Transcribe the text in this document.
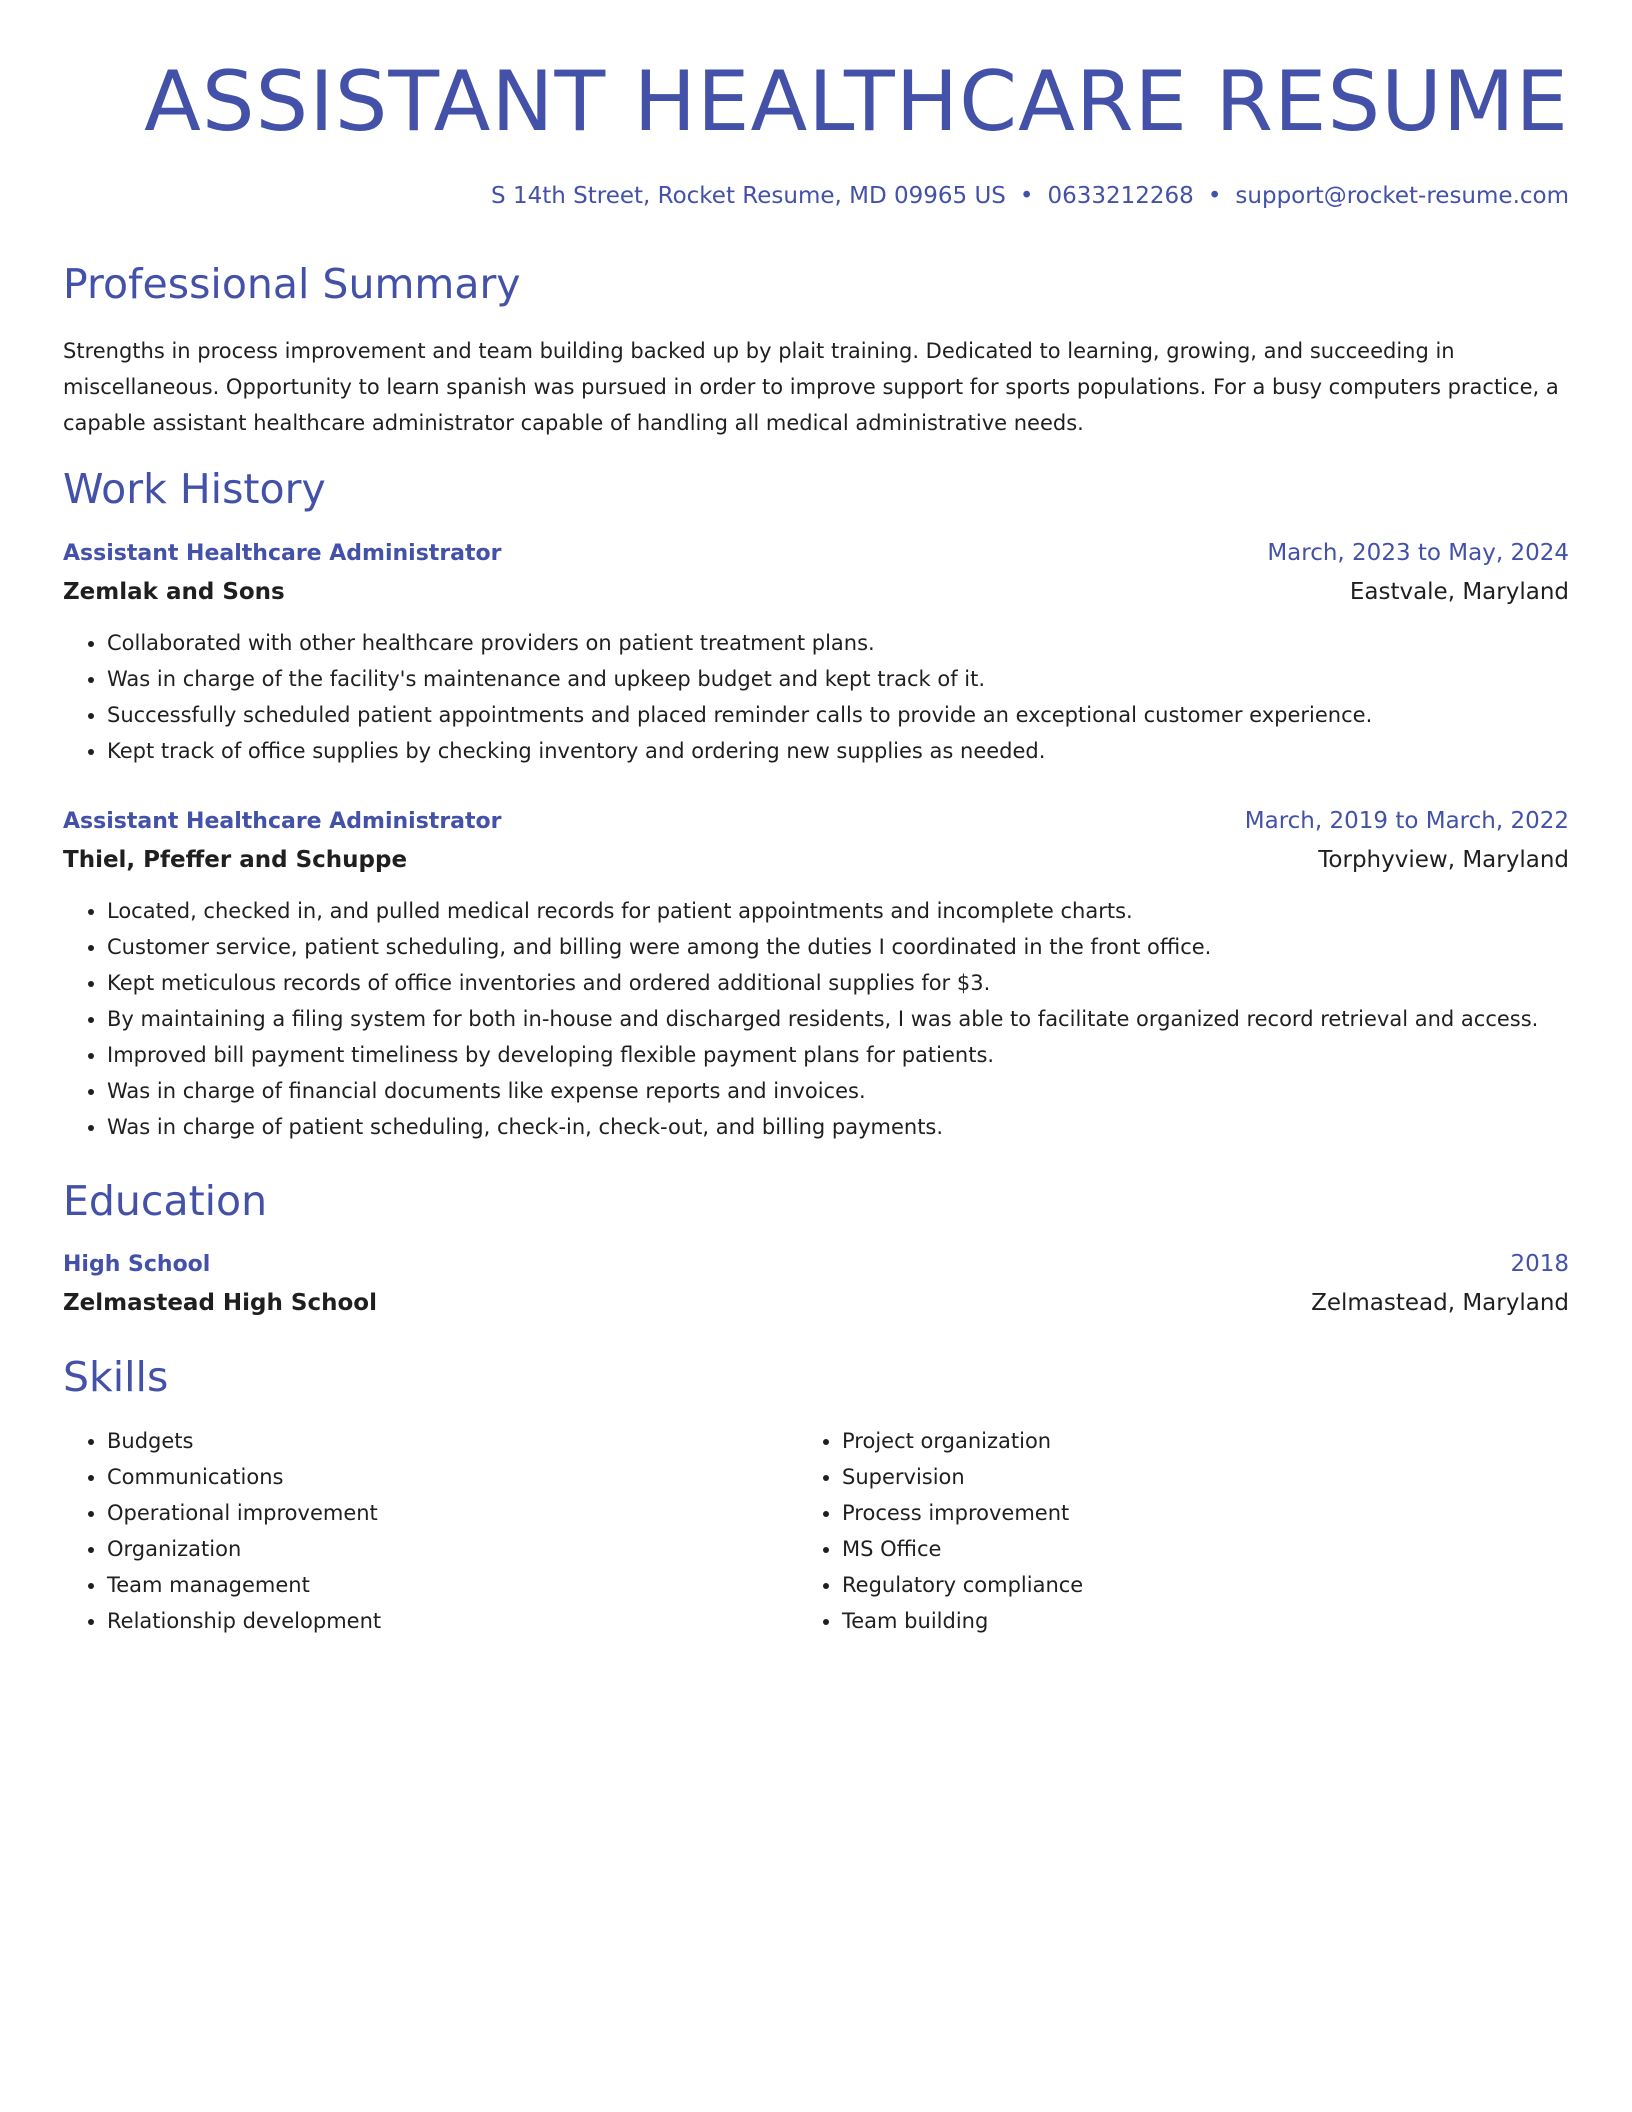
ASSISTANT HEALTHCARE RESUME
S 14th Street, Rocket Resume, MD 09965 US • 0633212268 • support@rocket-resume.com
Professional Summary

Strengths in process improvement and team building backed up by plait training. Dedicated to learning, growing, and succeeding in miscellaneous. Opportunity to learn spanish was pursued in order to improve support for sports populations. For a busy computers practice, a capable assistant healthcare administrator capable of handling all medical administrative needs.

Work History
Assistant Healthcare Administrator	March, 2023 to May, 2024
Zemlak and Sons	Eastvale, Maryland
• Collaborated with other healthcare providers on patient treatment plans.
• Was in charge of the facility's maintenance and upkeep budget and kept track of it.
• Successfully scheduled patient appointments and placed reminder calls to provide an exceptional customer experience.
• Kept track of office supplies by checking inventory and ordering new supplies as needed.
Assistant Healthcare Administrator	March, 2019 to March, 2022
Thiel, Pfeffer and Schuppe	Torphyview, Maryland
• Located, checked in, and pulled medical records for patient appointments and incomplete charts.
• Customer service, patient scheduling, and billing were among the duties I coordinated in the front office.
• Kept meticulous records of office inventories and ordered additional supplies for $3.
• By maintaining a filing system for both in-house and discharged residents, I was able to facilitate organized record retrieval and access.
• Improved bill payment timeliness by developing flexible payment plans for patients.
• Was in charge of financial documents like expense reports and invoices.
• Was in charge of patient scheduling, check-in, check-out, and billing payments.
Education
High School	2018
Zelmastead High School	Zelmastead, Maryland
Skills
• Budgets
• Communications
• Operational improvement
• Organization
• Team management
• Relationship development
• Project organization
• Supervision
• Process improvement
• MS Office
• Regulatory compliance
• Team building
